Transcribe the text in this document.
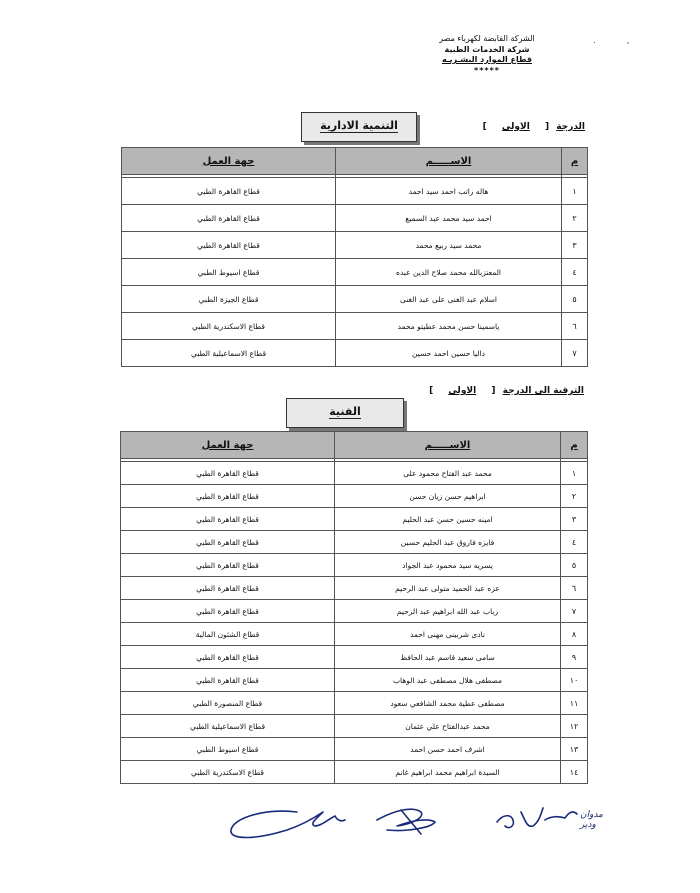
. ,
الشركة القابضة لكهرباء مصر
شركة الخدمات الطبية
قطاع الموارد البشـريـه
*****
التنمية الادارية	الدرجة [ الاولى ]
م	الاســـــم	جهة العمل

١	هاله راتب احمد سيد احمد	قطاع القاهرة الطبي
٢	احمد سيد محمد عبد السميع	قطاع القاهرة الطبي
٣	محمد سيد ربيع محمد	قطاع القاهرة الطبي
٤	المعتزبالله محمد صلاح الدين عبده	قطاع اسيوط الطبي
٥	اسلام عبد الغنى على عبد الغنى	قطاع الجيزة الطبي
٦	ياسمينا حسن محمد عطيتو محمد	قطاع الاسكندرية الطبي
٧	داليا حسين احمد حسين	قطاع الاسماعيلية الطبي
الترقية الى الدرجة [ الاولى ]
الفنية
م	الاســـــم	جهة العمل

١	محمد عبد الفتاح محمود على	قطاع القاهرة الطبي
٢	ابراهيم حسن زيان حسن	قطاع القاهرة الطبي
٣	امينه حسين حسن عبد الحليم	قطاع القاهرة الطبي
٤	فايزه فاروق عبد الحليم حسين	قطاع القاهرة الطبي
٥	يسريه سيد محمود عبد الجواد	قطاع القاهرة الطبي
٦	عزه عبد الحميد متولى عبد الرحيم	قطاع القاهرة الطبي
٧	رباب عبد الله ابراهيم عبد الرحيم	قطاع القاهرة الطبي
٨	نادى شربينى مهنى احمد	قطاع الشئون المالية
٩	سامى سعيد قاسم عبد الحافظ	قطاع القاهرة الطبي
١٠	مصطفى هلال مصطفى عبد الوهاب	قطاع القاهرة الطبي
١١	مصطفى عطية محمد الشافعي سعود	قطاع المنصورة الطبي
١٢	محمد عبدالفتاح علي عثمان	قطاع الاسماعيلية الطبي
١٣	اشرف احمد حسن احمد	قطاع اسيوط الطبي
١٤	السيدة ابراهيم محمد ابراهيم غانم	قطاع الاسكندرية الطبي
مدوان
ودير
